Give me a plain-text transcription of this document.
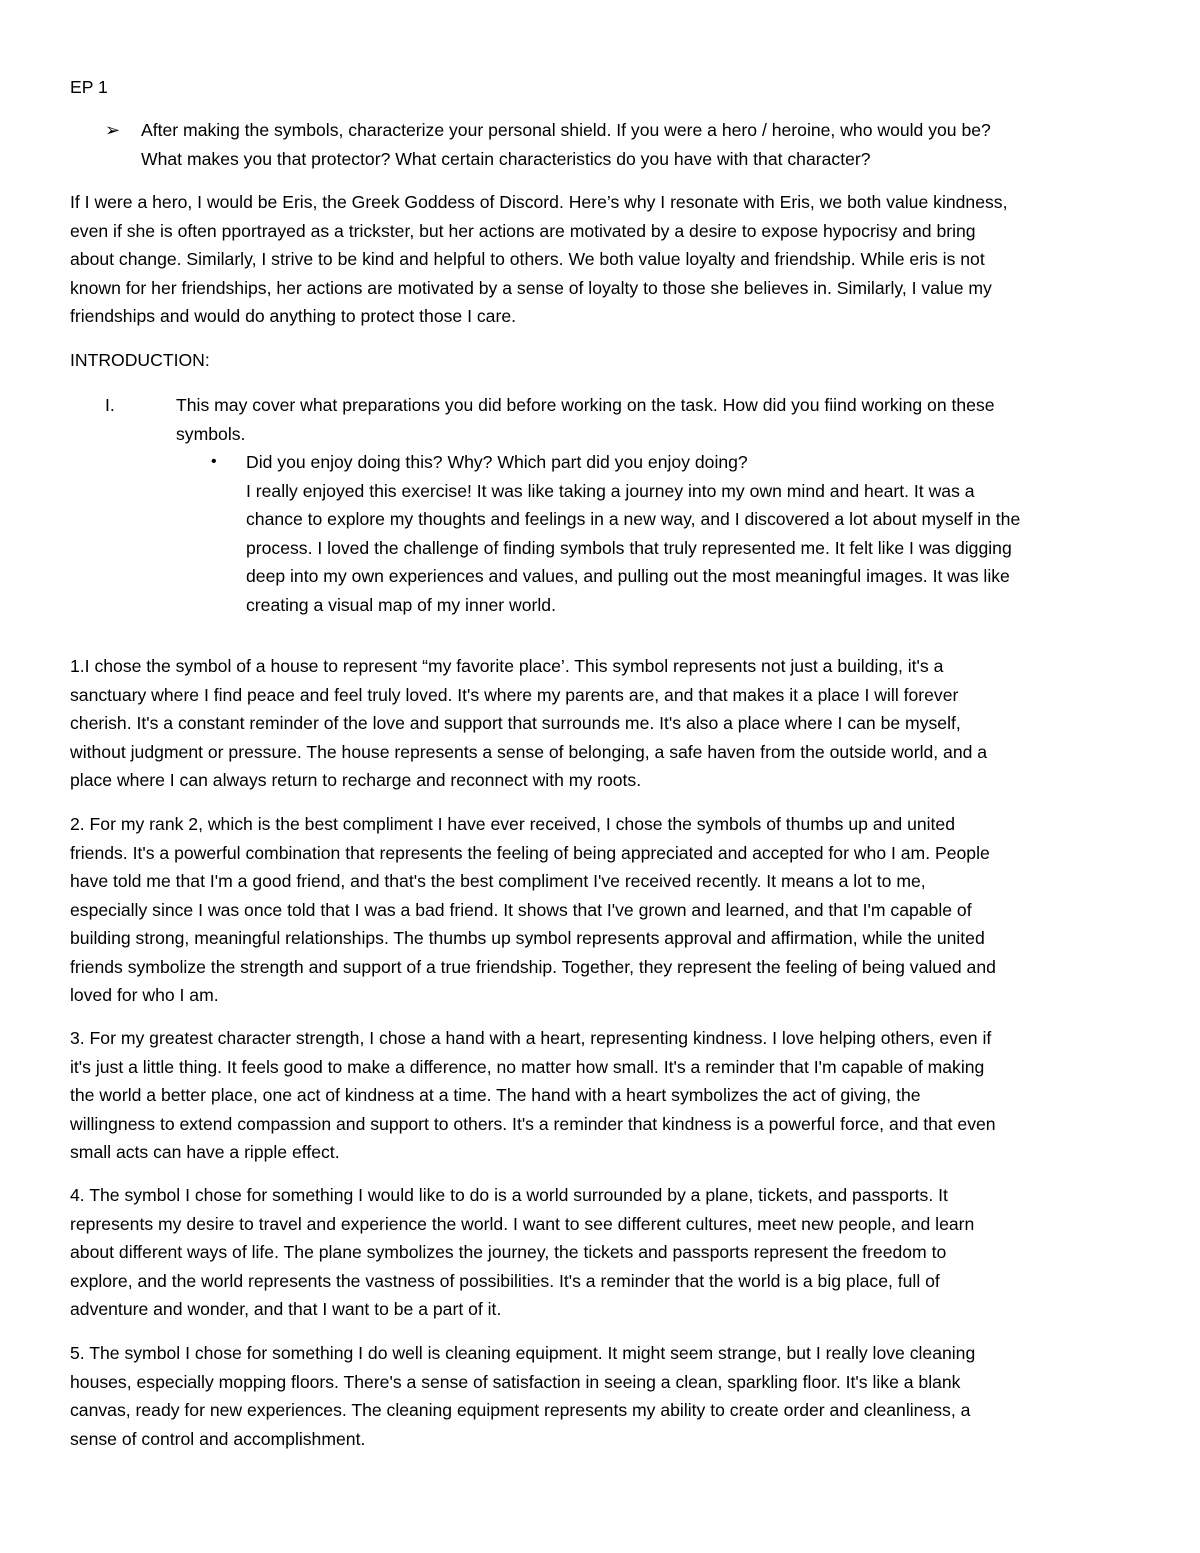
EP 1
➢	After making the symbols, characterize your personal shield. If you were a hero / heroine, who would you be?
What makes you that protector? What certain characteristics do you have with that character?
If I were a hero, I would be Eris, the Greek Goddess of Discord. Here’s why I resonate with Eris, we both value kindness,
even if she is often pportrayed as a trickster, but her actions are motivated by a desire to expose hypocrisy and bring
about change. Similarly, I strive to be kind and helpful to others. We both value loyalty and friendship. While eris is not
known for her friendships, her actions are motivated by a sense of loyalty to those she believes in. Similarly, I value my
friendships and would do anything to protect those I care.
INTRODUCTION:
I.	This may cover what preparations you did before working on the task. How did you fiind working on these
symbols.
• Did you enjoy doing this? Why? Which part did you enjoy doing?
I really enjoyed this exercise! It was like taking a journey into my own mind and heart. It was a
chance to explore my thoughts and feelings in a new way, and I discovered a lot about myself in the
process. I loved the challenge of finding symbols that truly represented me. It felt like I was digging
deep into my own experiences and values, and pulling out the most meaningful images. It was like
creating a visual map of my inner world.
1.I chose the symbol of a house to represent “my favorite place’. This symbol represents not just a building, it's a
sanctuary where I find peace and feel truly loved. It's where my parents are, and that makes it a place I will forever
cherish. It's a constant reminder of the love and support that surrounds me. It's also a place where I can be myself,
without judgment or pressure. The house represents a sense of belonging, a safe haven from the outside world, and a
place where I can always return to recharge and reconnect with my roots.
2. For my rank 2, which is the best compliment I have ever received, I chose the symbols of thumbs up and united
friends. It's a powerful combination that represents the feeling of being appreciated and accepted for who I am. People
have told me that I'm a good friend, and that's the best compliment I've received recently. It means a lot to me,
especially since I was once told that I was a bad friend. It shows that I've grown and learned, and that I'm capable of
building strong, meaningful relationships. The thumbs up symbol represents approval and affirmation, while the united
friends symbolize the strength and support of a true friendship. Together, they represent the feeling of being valued and
loved for who I am.
3. For my greatest character strength, I chose a hand with a heart, representing kindness. I love helping others, even if
it's just a little thing. It feels good to make a difference, no matter how small. It's a reminder that I'm capable of making
the world a better place, one act of kindness at a time. The hand with a heart symbolizes the act of giving, the
willingness to extend compassion and support to others. It's a reminder that kindness is a powerful force, and that even
small acts can have a ripple effect.
4. The symbol I chose for something I would like to do is a world surrounded by a plane, tickets, and passports. It
represents my desire to travel and experience the world. I want to see different cultures, meet new people, and learn
about different ways of life. The plane symbolizes the journey, the tickets and passports represent the freedom to
explore, and the world represents the vastness of possibilities. It's a reminder that the world is a big place, full of
adventure and wonder, and that I want to be a part of it.
5. The symbol I chose for something I do well is cleaning equipment. It might seem strange, but I really love cleaning
houses, especially mopping floors. There's a sense of satisfaction in seeing a clean, sparkling floor. It's like a blank
canvas, ready for new experiences. The cleaning equipment represents my ability to create order and cleanliness, a
sense of control and accomplishment.
